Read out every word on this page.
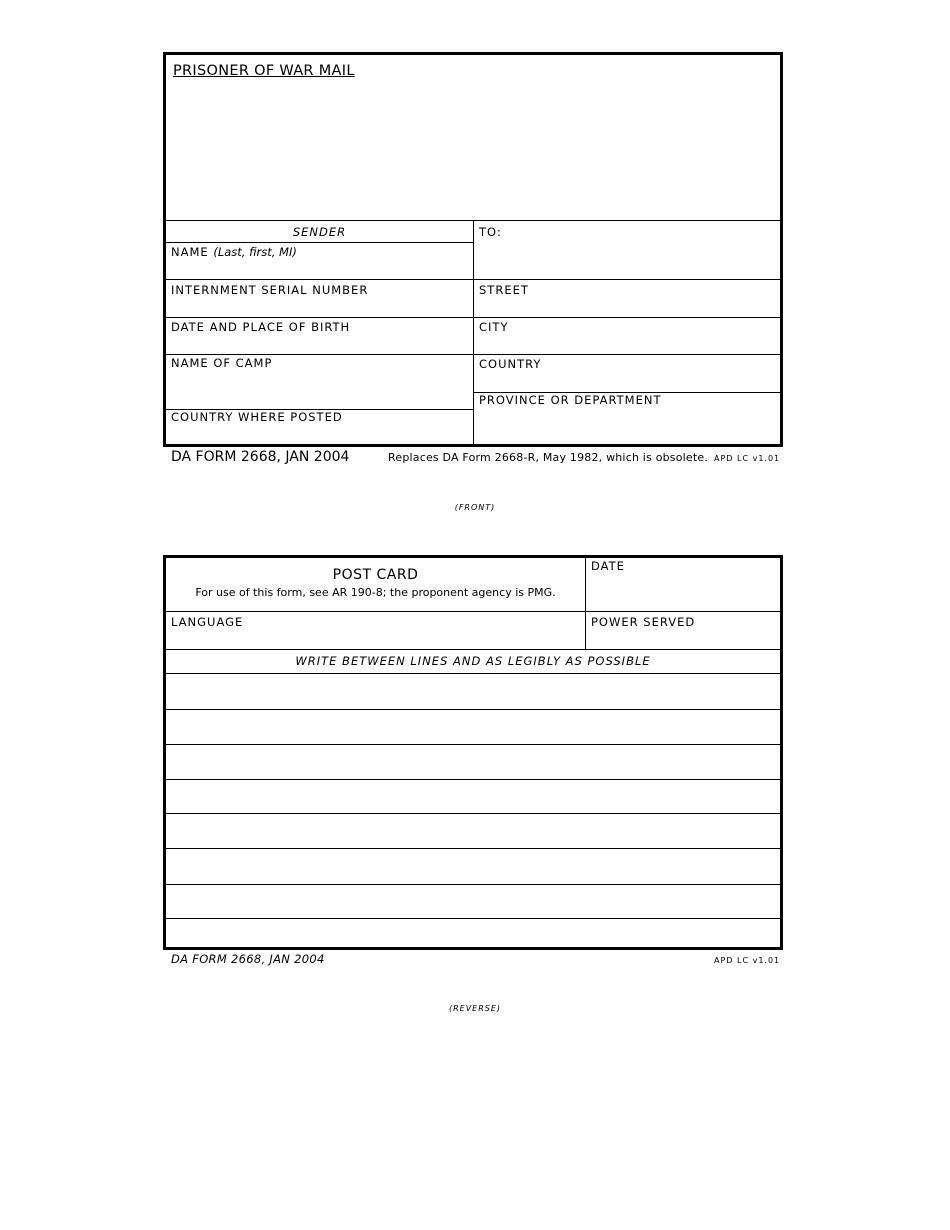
PRISONER OF WAR MAIL
SENDER
NAME (Last, first, MI)
INTERNMENT SERIAL NUMBER
DATE AND PLACE OF BIRTH
NAME OF CAMP
COUNTRY WHERE POSTED
TO:
STREET
CITY
COUNTRY
PROVINCE OR DEPARTMENT
DA FORM 2668, JAN 2004	Replaces DA Form 2668-R, May 1982, which is obsolete. APD LC v1.01
(FRONT)
POST CARD
For use of this form, see AR 190-8; the proponent agency is PMG.
DATE
LANGUAGE	POWER SERVED
WRITE BETWEEN LINES AND AS LEGIBLY AS POSSIBLE
DA FORM 2668, JAN 2004	APD LC v1.01
(REVERSE)
